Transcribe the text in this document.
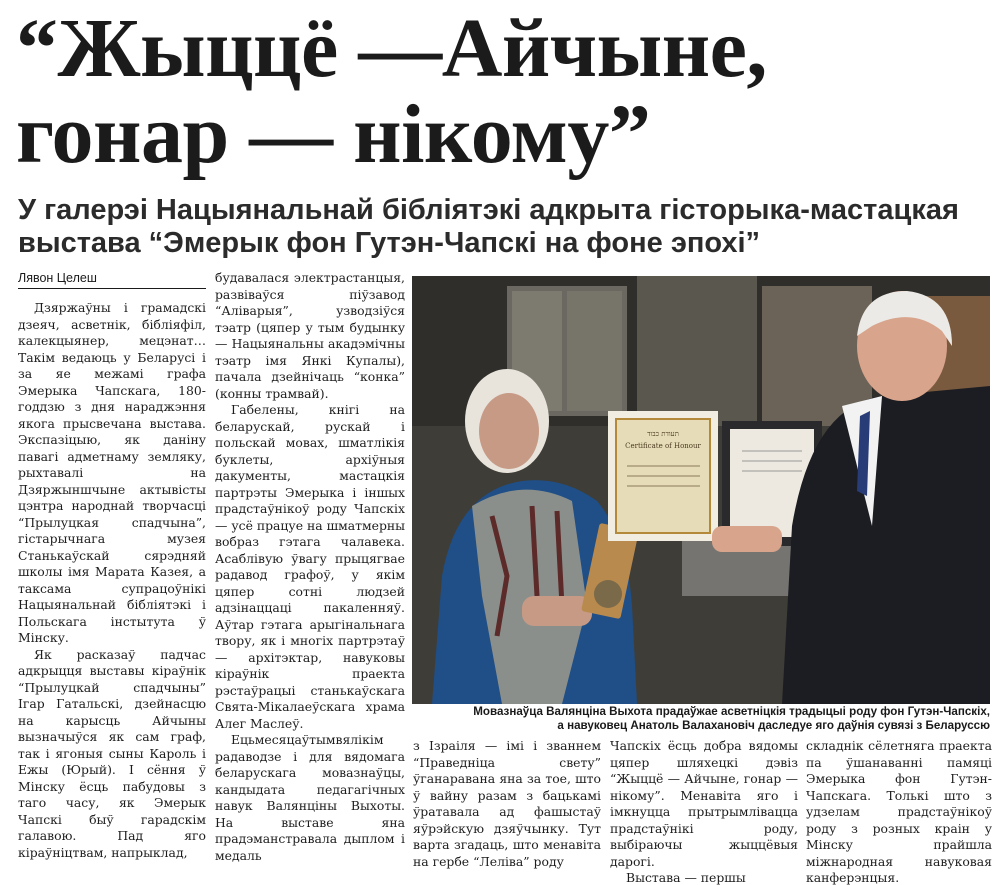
“Жыццё —Айчыне,
гонар — нікому”
У галерэі Нацыянальнай бібліятэкі адкрыта гісторыка-мастацкая
выстава “Эмерык фон Гутэн-Чапскі на фоне эпохі”
Лявон Целеш

Дзяржаўны і грамадскі дзеяч, асветнік, бібліяфіл, калекцыянер, мецэнат… Такім ведаюць у Беларусі і за яе межамі графа Эмерыка Чапскага, 180-годдзю з дня нараджэння якога прысвечана выстава. Экспазіцыю, як даніну павагі адметнаму земляку, рыхтавалі на Дзяржыншчыне актывісты цэнтра народнай творчасці “Прылуцкая спадчына”, гістарычнага музея Станькаўскай сярэдняй школы імя Марата Казея, а таксама супрацоўнікі Нацыянальнай бібліятэкі і Польскага інстытута ў Мінску.

Як расказаў падчас адкрыцця выставы кіраўнік “Прылуцкай спадчыны” Ігар Гатальскі, дзейнасцю на карысць Айчыны вызначыўся як сам граф, так і ягоныя сыны Кароль і Ежы (Юрый). І сёння ў Мінску ёсць пабудовы з таго часу, як Эмерык Чапскі быў гарадскім галавою. Пад яго кіраўніцтвам, напрыклад,

будавалася электрастанцыя, развіваўся піўзавод “Аліварыя”, узводзіўся тэатр (цяпер у тым будынку — Нацыянальны акадэмічны тэатр імя Янкі Купалы), пачала дзейнічаць “конка” (конны трамвай).

Габелены, кнігі на беларускай, рускай і польскай мовах, шматлікія буклеты, архіўныя дакументы, мастацкія партрэты Эмерыка і іншых прадстаўнікоў роду Чапскіх — усё працуе на шматмерны вобраз гэтага чалавека. Асаблівую ўвагу прыцягвае радавод графоў, у якім цяпер сотні людзей адзінаццаці пакаленняў. Аўтар гэтага арыгінальнага твору, як і многіх партрэтаў — архітэктар, навуковы кіраўнік праекта рэстаўрацыі станькаўскага Свята-Мікалаеўскага храма Алег Маслеў.

Ецьмесяцаўтымвялікім радаводзе і для вядомага беларускага мовазнаўцы, кандыдата педагагічных навук Валянціны Выхоты. На выставе яна прадэманстравала дыплом і медаль

תעודת כבוד
Certificate of Honour
Мовазнаўца Валянціна Выхота прадаўжае асветніцкія традыцыі роду фон Гутэн-Чапскіх,
а навуковец Анатоль Валахановіч даследуе яго даўнія сувязі з Беларуссю

з Ізраіля — імі і званнем “Праведніца свету” ўганаравана яна за тое, што ў вайну разам з бацькамі ўратавала ад фашыстаў яўрэйскую дзяўчынку. Тут варта згадаць, што менавіта на гербе “Леліва” роду

Чапскіх ёсць добра вядомы цяпер шляхецкі дэвіз “Жыццё — Айчыне, гонар — нікому”. Менавіта яго і імкнуцца прытрымлівацца прадстаўнікі роду, выбіраючы жыццёвыя дарогі.

Выстава — першы

складнік сёлетняга праекта па ўшанаванні памяці Эмерыка фон Гутэн-Чапскага. Толькі што з удзелам прадстаўнікоў роду з розных краін у Мінску прайшла міжнародная навуковая канферэнцыя.
